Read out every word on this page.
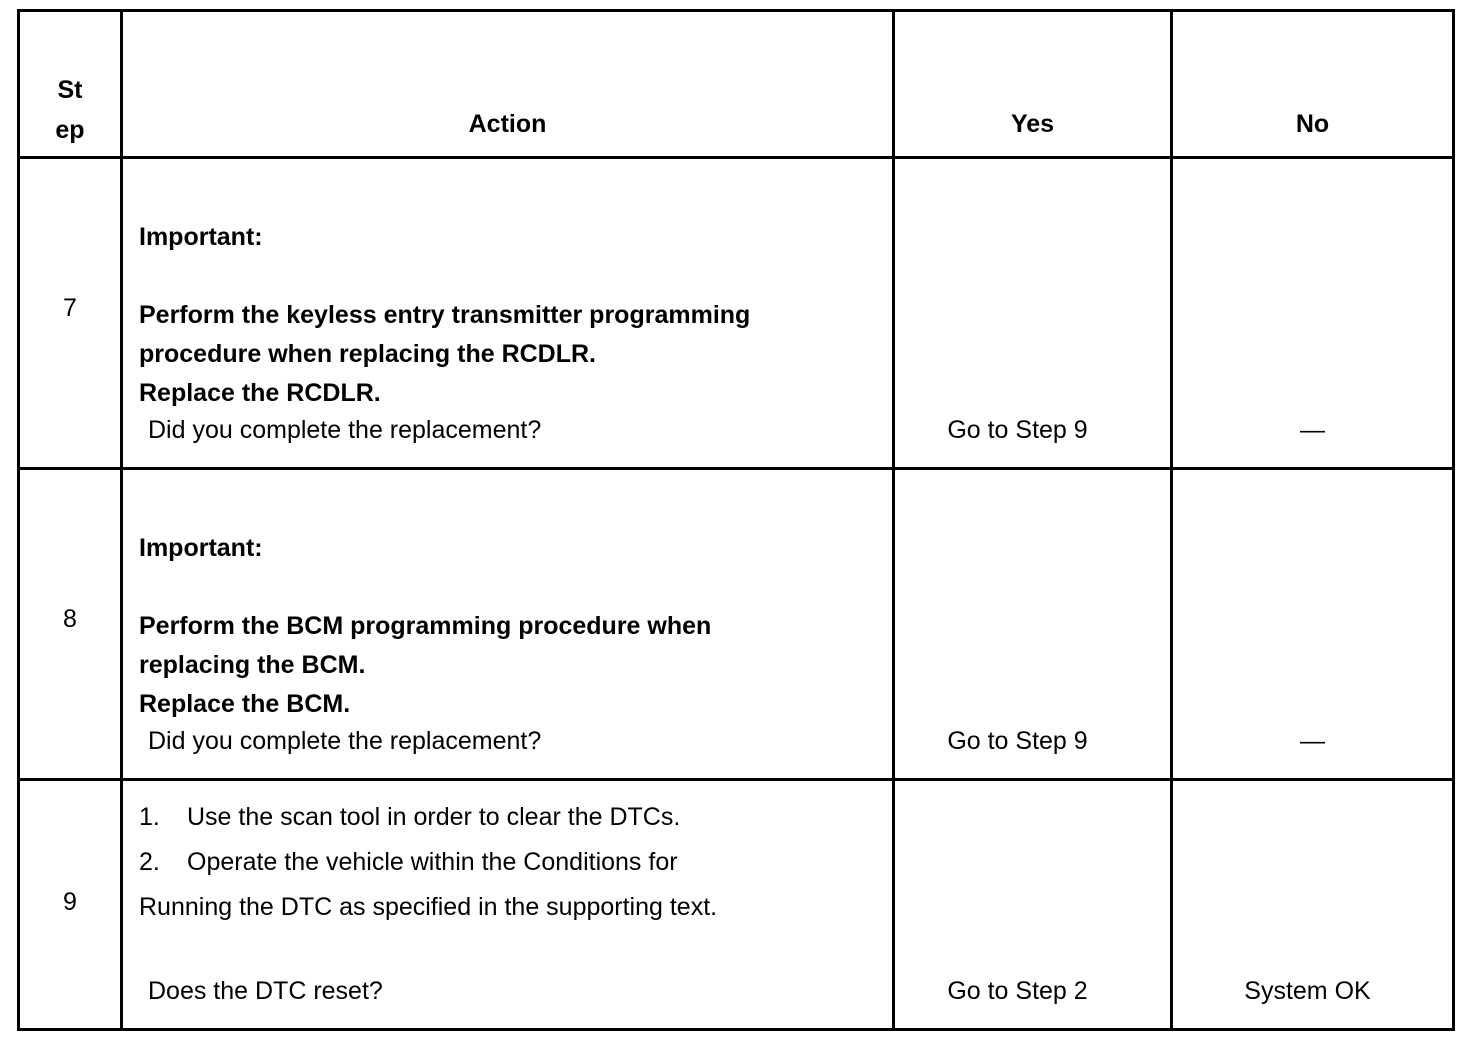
St
ep	Action	Yes	No

7	Important:

Perform the keyless entry transmitter programming
procedure when replacing the RCDLR.
Replace the RCDLR.

Did you complete the replacement?	Go to Step 9	—

8	Important:

Perform the BCM programming procedure when
replacing the BCM.
Replace the BCM.

Did you complete the replacement?	Go to Step 9	—

9	1. Use the scan tool in order to clear the DTCs.
2. Operate the vehicle within the Conditions for
Running the DTC as specified in the supporting text.
Does the DTC reset?	Go to Step 2	System OK
